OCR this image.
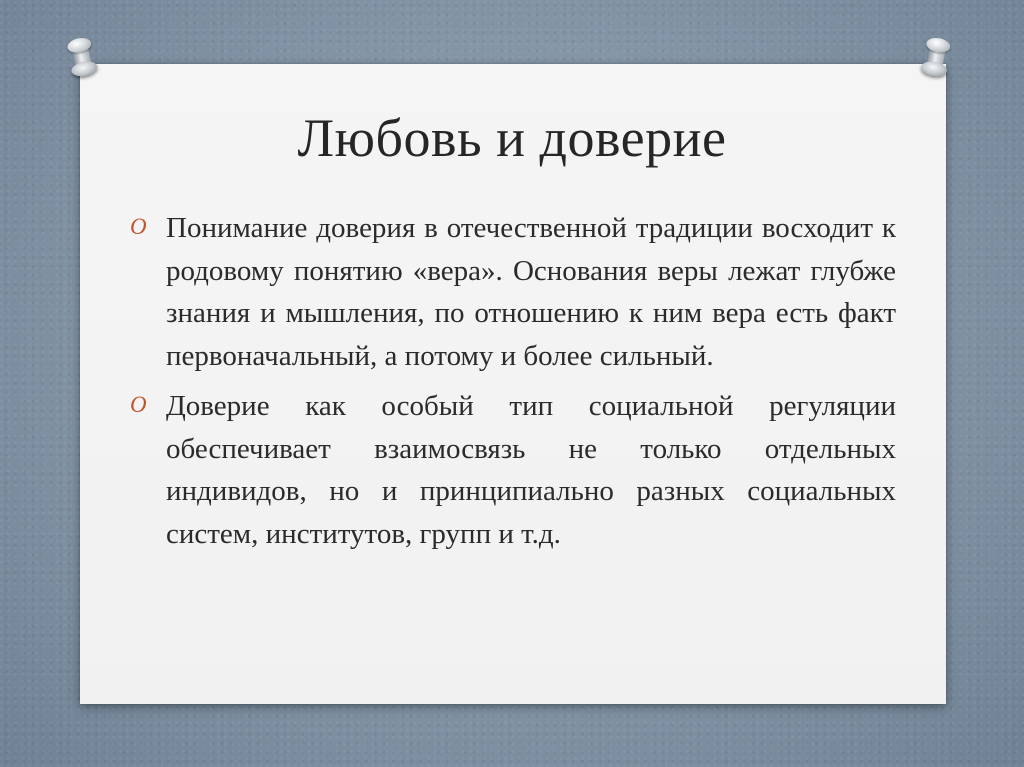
Любовь и доверие
O Понимание доверия в отечественной традиции восходит к родовому понятию «вера». Основания веры лежат глубже знания и мышления, по отношению к ним вера есть факт первоначальный, а потому и более сильный.
O Доверие как особый тип социальной регуляции обеспечивает взаимосвязь не только отдельных индивидов, но и принципиально разных социальных систем, институтов, групп и т.д.
